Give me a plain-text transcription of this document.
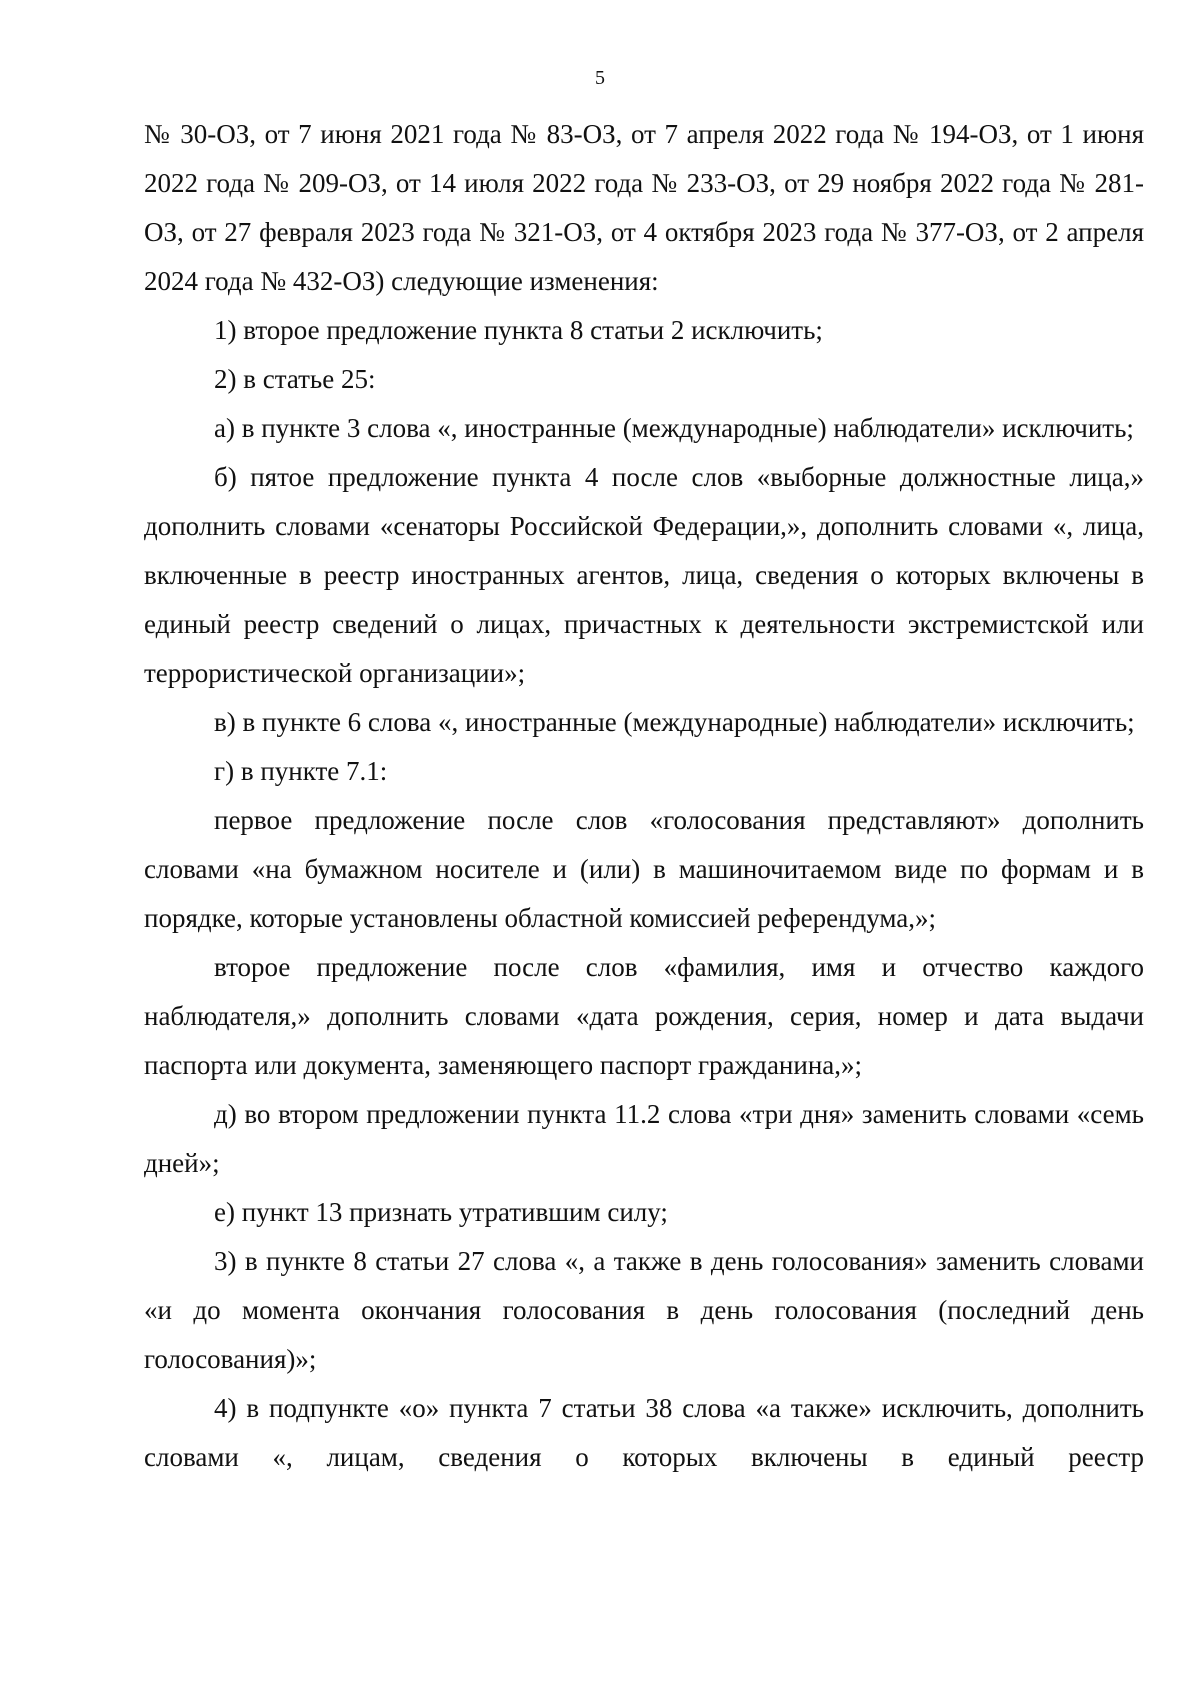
5

№ 30-ОЗ, от 7 июня 2021 года № 83-ОЗ, от 7 апреля 2022 года № 194-ОЗ, от 1 июня 2022 года № 209-ОЗ, от 14 июля 2022 года № 233-ОЗ, от 29 ноября 2022 года № 281-ОЗ, от 27 февраля 2023 года № 321-ОЗ, от 4 октября 2023 года № 377-ОЗ, от 2 апреля 2024 года № 432-ОЗ) следующие изменения:

1) второе предложение пункта 8 статьи 2 исключить;

2) в статье 25:

а) в пункте 3 слова «, иностранные (международные) наблюдатели» исключить;

б) пятое предложение пункта 4 после слов «выборные должностные лица,» дополнить словами «сенаторы Российской Федерации,», дополнить словами «, лица, включенные в реестр иностранных агентов, лица, сведения о которых включены в единый реестр сведений о лицах, причастных к деятельности экстремистской или террористической организации»;

в) в пункте 6 слова «, иностранные (международные) наблюдатели» исключить;

г) в пункте 7.1:

первое предложение после слов «голосования представляют» дополнить словами «на бумажном носителе и (или) в машиночитаемом виде по формам и в порядке, которые установлены областной комиссией референдума,»;

второе предложение после слов «фамилия, имя и отчество каждого наблюдателя,» дополнить словами «дата рождения, серия, номер и дата выдачи паспорта или документа, заменяющего паспорт гражданина,»;

д) во втором предложении пункта 11.2 слова «три дня» заменить словами «семь дней»;

е) пункт 13 признать утратившим силу;

3) в пункте 8 статьи 27 слова «, а также в день голосования» заменить словами «и до момента окончания голосования в день голосования (последний день голосования)»;

4) в подпункте «о» пункта 7 статьи 38 слова «а также» исключить, дополнить словами «, лицам, сведения о которых включены в единый реестр
